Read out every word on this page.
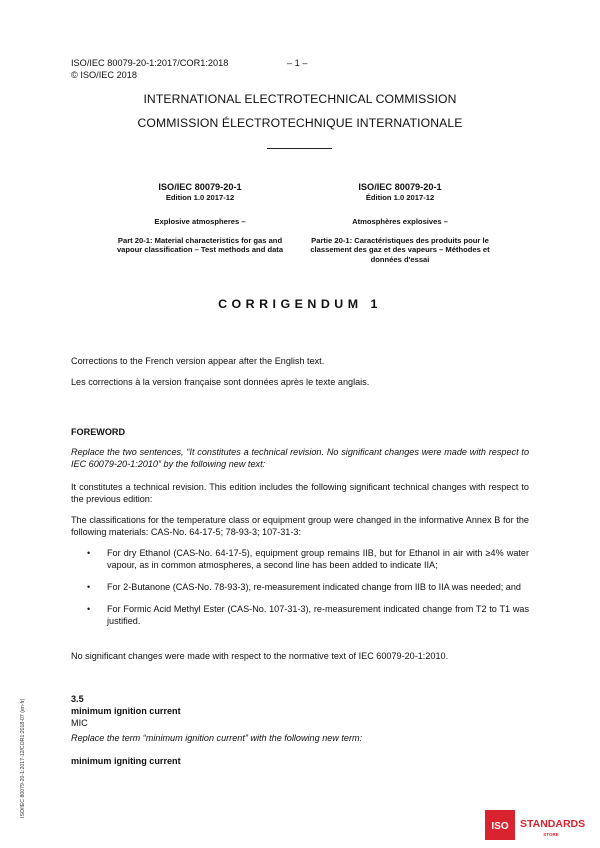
ISO/IEC 80079-20-1:2017/COR1:2018	– 1 –
© ISO/IEC 2018
INTERNATIONAL ELECTROTECHNICAL COMMISSION
COMMISSION ÉLECTROTECHNIQUE INTERNATIONALE
ISO/IEC 80079-20-1
Edition 1.0 2017-12
Explosive atmospheres –
Part 20-1: Material characteristics for gas and vapour classification – Test methods and data
ISO/IEC 80079-20-1
Édition 1.0 2017-12
Atmosphères explosives –
Partie 20-1: Caractéristiques des produits pour le classement des gaz et des vapeurs – Méthodes et données d'essai
CORRIGENDUM 1
Corrections to the French version appear after the English text.
Les corrections à la version française sont données après le texte anglais.
FOREWORD
Replace the two sentences, “It constitutes a technical revision. No significant changes were made with respect to IEC 60079-20-1:2010” by the following new text:
It constitutes a technical revision. This edition includes the following significant technical changes with respect to the previous edition:
The classifications for the temperature class or equipment group were changed in the informative Annex B for the following materials: CAS-No. 64-17-5; 78-93-3; 107-31-3:
• For dry Ethanol (CAS-No. 64-17-5), equipment group remains IIB, but for Ethanol in air with ≥4% water vapour, as in common atmospheres, a second line has been added to indicate IIA;
• For 2-Butanone (CAS-No. 78-93-3), re-measurement indicated change from IIB to IIA was needed; and
• For Formic Acid Methyl Ester (CAS-No. 107-31-3), re-measurement indicated change from T2 to T1 was justified.
No significant changes were made with respect to the normative text of IEC 60079-20-1:2010.
3.5
minimum ignition current
MIC
Replace the term “minimum ignition current” with the following new term:
minimum igniting current
ISO/IEC 80079-20-1:2017-12/COR1:2018-07 (en-fr)
ISO STANDARDS
STORE
